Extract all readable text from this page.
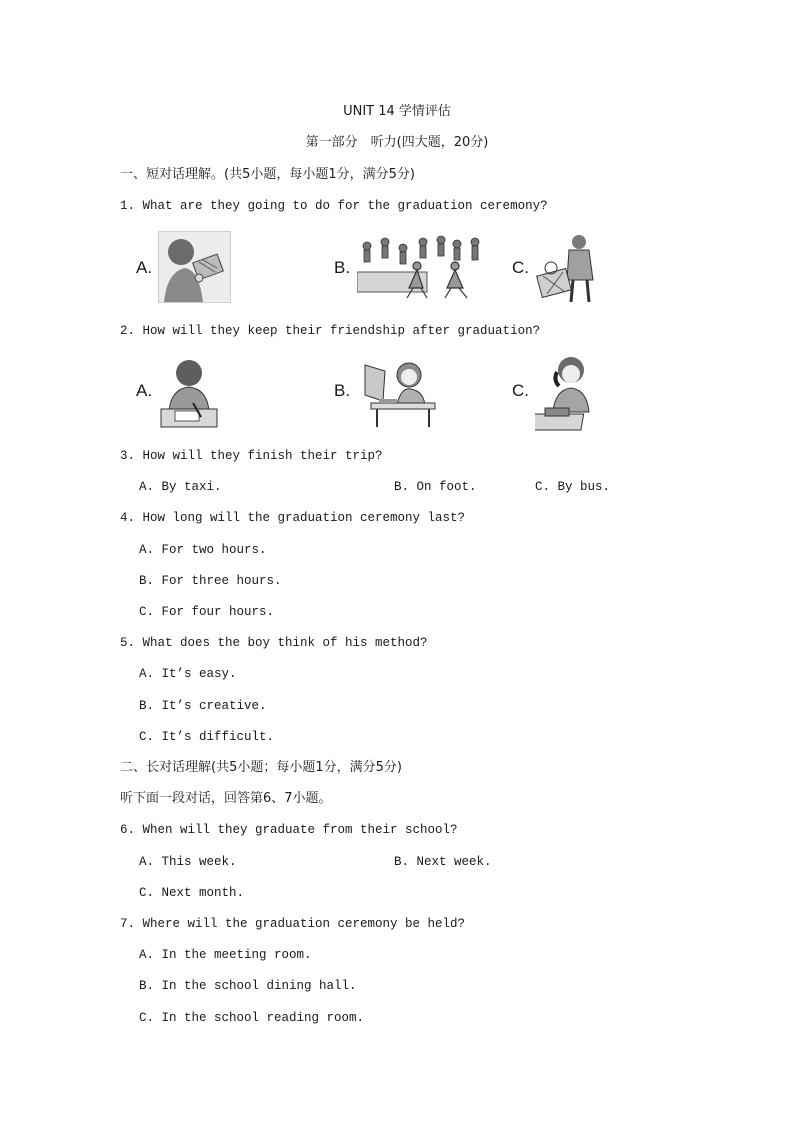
UNIT 14 学情评估
第一部分　听力(四大题，20分)
一、短对话理解。(共5小题，每小题1分，满分5分)
1. What are they going to do for the graduation ceremony?
A.	B.	C.
2. How will they keep their friendship after graduation?
A.	B.	C.
3. How will they finish their trip?
A. By taxi.	B. On foot.	C. By bus.
4. How long will the graduation ceremony last?
A. For two hours.
B. For three hours.
C. For four hours.
5. What does the boy think of his method?
A. It’s easy.
B. It’s creative.
C. It’s difficult.
二、长对话理解(共5小题；每小题1分，满分5分)
听下面一段对话，回答第6、7小题。
6. When will they graduate from their school?
A. This week.	B. Next week.
C. Next month.
7. Where will the graduation ceremony be held?
A. In the meeting room.
B. In the school dining hall.
C. In the school reading room.
